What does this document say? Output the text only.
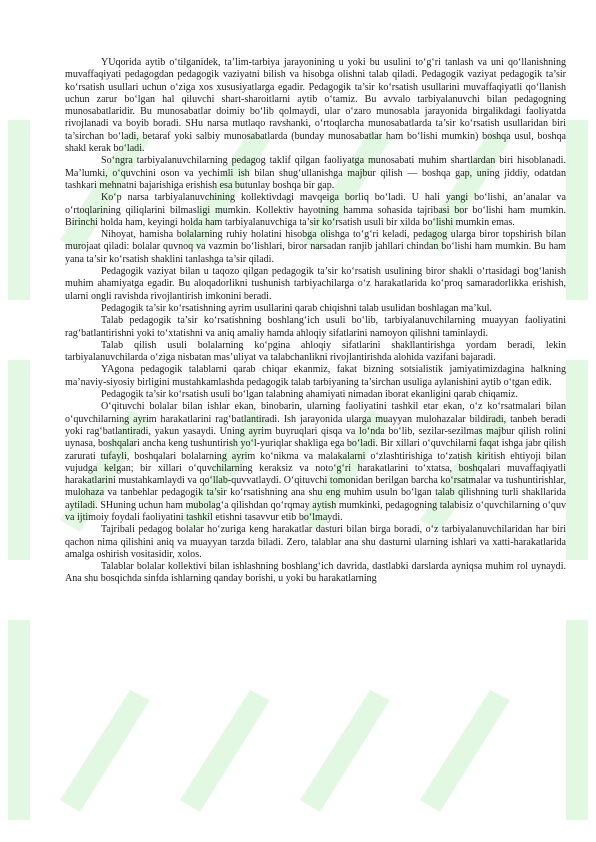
YUqorida aytib o‘tilganidek, ta’lim-tarbiya jarayonining u yoki bu usulini to‘g‘ri tanlash va uni qo‘llanishning muvaffaqiyati pedagogdan pedagogik vaziyatni bilish va hisobga olishni talab qiladi. Pedagogik vaziyat pedagogik ta’sir ko‘rsatish usullari uchun o‘ziga xos xususiyatlarga egadir. Pedagogik ta’sir ko‘rsatish usullarini muvaffaqiyatli qo‘llanish uchun zarur bo‘lgan hal qiluvchi shart-sharoitlarni aytib o‘tamiz. Bu avvalo tarbiyalanuvchi bilan pedagogning munosabatlaridir. Bu munosabatlar doimiy bo‘lib qolmaydi, ular o‘zaro munosabla jarayonida birgalikdagi faoliyatda rivojlanadi va boyib boradi. SHu narsa mutlaqo ravshanki, o‘rtoqlarcha munosabatlarda ta’sir ko‘rsatish usullaridan biri ta’sirchan bo‘ladi, betaraf yoki salbiy munosabatlarda (bunday munosabatlar ham bo‘lishi mumkin) boshqa usul, boshqa shakl kerak bo‘ladi.

So‘ngra tarbiyalanuvchilarning pedagog taklif qilgan faoliyatga munosabati muhim shartlardan biri hisoblanadi. Ma’lumki, o‘quvchini oson va yechimli ish bilan shug‘ullanishga majbur qilish — boshqa gap, uning jiddiy, odatdan tashkari mehnatni bajarishiga erishish esa butunlay boshqa bir gap.

Ko‘p narsa tarbiyalanuvchining kollektivdagi mavqeiga borliq bo‘ladi. U hali yangi bo‘lishi, an’analar va o‘rtoqlarining qiliqlarini bilmasligi mumkin. Kollektiv hayotning hamma sohasida tajribasi bor bo‘lishi ham mumkin. Birinchi holda ham, keyingi holda ham tarbiyalanuvchiga ta’sir ko‘rsatish usuli bir xilda bo‘lishi mumkin emas.

Nihoyat, hamisha bolalarning ruhiy holatini hisobga olishga to‘g‘ri keladi, pedagog ularga biror topshirish bilan murojaat qiladi: bolalar quvnoq va vazmin bo‘lishlari, biror narsadan ranjib jahllari chindan bo‘lishi ham mumkin. Bu ham yana ta’sir ko‘rsatish shaklini tanlashga ta’sir qiladi.

Pedagogik vaziyat bilan u taqozo qilgan pedagogik ta’sir ko‘rsatish usulining biror shakli o‘rtasidagi bog‘lanish muhim ahamiyatga egadir. Bu aloqadorlikni tushunish tarbiyachilarga o‘z harakatlarida ko‘proq samaradorlikka erishish, ularni ongli ravishda rivojlantirish imkonini beradi.

Pedagogik ta’sir ko‘rsatishning ayrim usullarini qarab chiqishni talab usulidan boshlagan ma’kul.

Talab pedagogik ta’sir ko‘rsatishning boshlang‘ich usuli bo‘lib, tarbiyalanuvchilarning muayyan faoliyatini rag‘batlantirishni yoki to‘xtatishni va aniq amaliy hamda ahloqiy sifatlarini namoyon qilishni taminlaydi.

Talab qilish usuli bolalarning ko‘pgina ahloqiy sifatlarini shakllantirishga yordam beradi, lekin tarbiyalanuvchilarda o‘ziga nisbatan mas’uliyat va talabchanlikni rivojlantirishda alohida vazifani bajaradi.

YAgona pedagogik talablarni qarab chiqar ekanmiz, fakat bizning sotsialistik jamiyatimizdagina halkning ma’naviy-siyosiy birligini mustahkamlashda pedagogik talab tarbiyaning ta’sirchan usuliga aylanishini aytib o‘tgan edik.

Pedagogik ta’sir ko‘rsatish usuli bo‘lgan talabning ahamiyati nimadan iborat ekanligini qarab chiqamiz.

O‘qituvchi bolalar bilan ishlar ekan, binobarin, ularning faoliyatini tashkil etar ekan, o‘z ko‘rsatmalari bilan o‘quvchilarning ayrim harakatlarini rag‘batlantiradi. Ish jarayonida ularga muayyan mulohazalar bildiradi, tanbeh beradi yoki rag‘batlantiradi, yakun yasaydi. Uning ayrim buyruqlari qisqa va lo‘nda bo‘lib, sezilar-sezilmas majbur qilish rolini uynasa, boshqalari ancha keng tushuntirish yo‘l-yuriqlar shakliga ega bo‘ladi. Bir xillari o‘quvchilarni faqat ishga jabr qilish zarurati tufayli, boshqalari bolalarning ayrim ko‘nikma va malakalarni o‘zlashtirishiga to‘zatish kiritish ehtiyoji bilan vujudga kelgan; bir xillari o‘quvchilarning keraksiz va noto‘g‘ri harakatlarini to‘xtatsa, boshqalari muvaffaqiyatli harakatlarini mustahkamlaydi va qo‘llab-quvvatlaydi. O‘qituvchi tomonidan berilgan barcha ko‘rsatmalar va tushuntirishlar, mulohaza va tanbehlar pedagogik ta’sir ko‘rsatishning ana shu eng muhim usuln bo‘lgan talab qilishning turli shakllarida aytiladi. SHuning uchun ham mubolag‘a qilishdan qo‘rqmay aytish mumkinki, pedagogning talabisiz o‘quvchilarning o‘quv va ijtimoiy foydali faoliyatini tashkil etishni tasavvur etib bo‘lmaydi.

Tajribali pedagog bolalar ho‘zuriga keng harakatlar dasturi bilan birga boradi, o‘z tarbiyalanuvchilaridan har biri qachon nima qilishini aniq va muayyan tarzda biladi. Zero, talablar ana shu dasturni ularning ishlari va xatti-harakatlarida amalga oshirish vositasidir, xolos.

Talablar bolalar kollektivi bilan ishlashning boshlang‘ich davrida, dastlabki darslarda ayniqsa muhim rol uynaydi. Ana shu bosqichda sinfda ishlarning qanday borishi, u yoki bu harakatlarning
